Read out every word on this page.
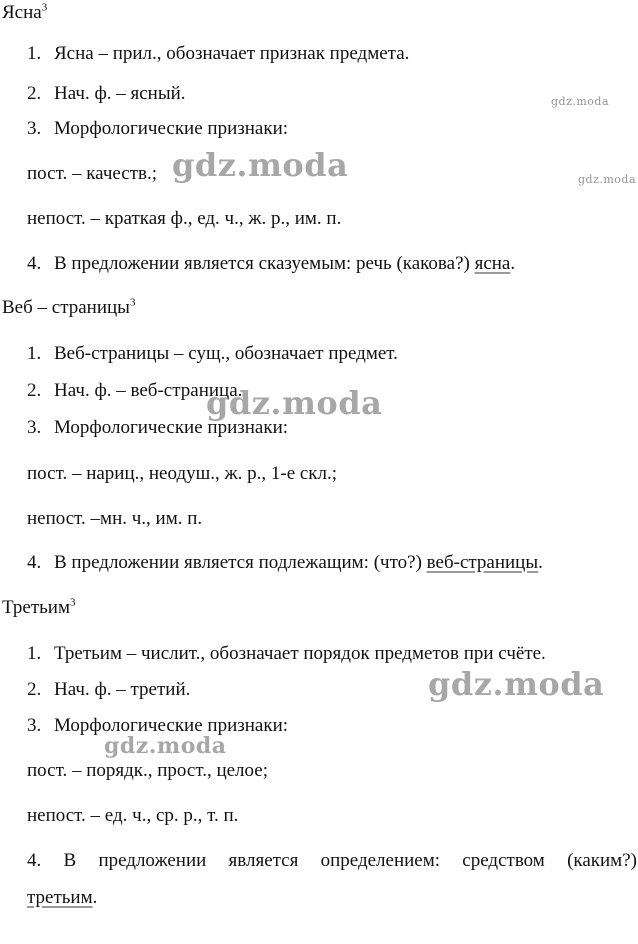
Ясна$^3$
1. Ясна – прил., обозначает признак предмета.
2. Нач. ф. – ясный.
3. Морфологические признаки:
пост. – качеств.;
непост. – краткая ф., ед. ч., ж. р., им. п.
4. В предложении является сказуемым: речь (какова?) ясна.
Веб – страницы$^3$
1. Веб-страницы – сущ., обозначает предмет.
2. Нач. ф. – веб-страница.
3. Морфологические признаки:
пост. – нариц., неодуш., ж. р., 1-е скл.;
непост. –мн. ч., им. п.
4. В предложении является подлежащим: (что?) веб-страницы.
Третьим$^3$
1. Третьим – числит., обозначает порядок предметов при счёте.
2. Нач. ф. – третий.
3. Морфологические признаки:
пост. – порядк., прост., целое;
непост. – ед. ч., ср. р., т. п.
4. В предложении является определением: средством (каким?)
третьим.
gdz.moda
gdz.moda
gdz.moda
gdz.moda
gdz.moda
gdz.moda
